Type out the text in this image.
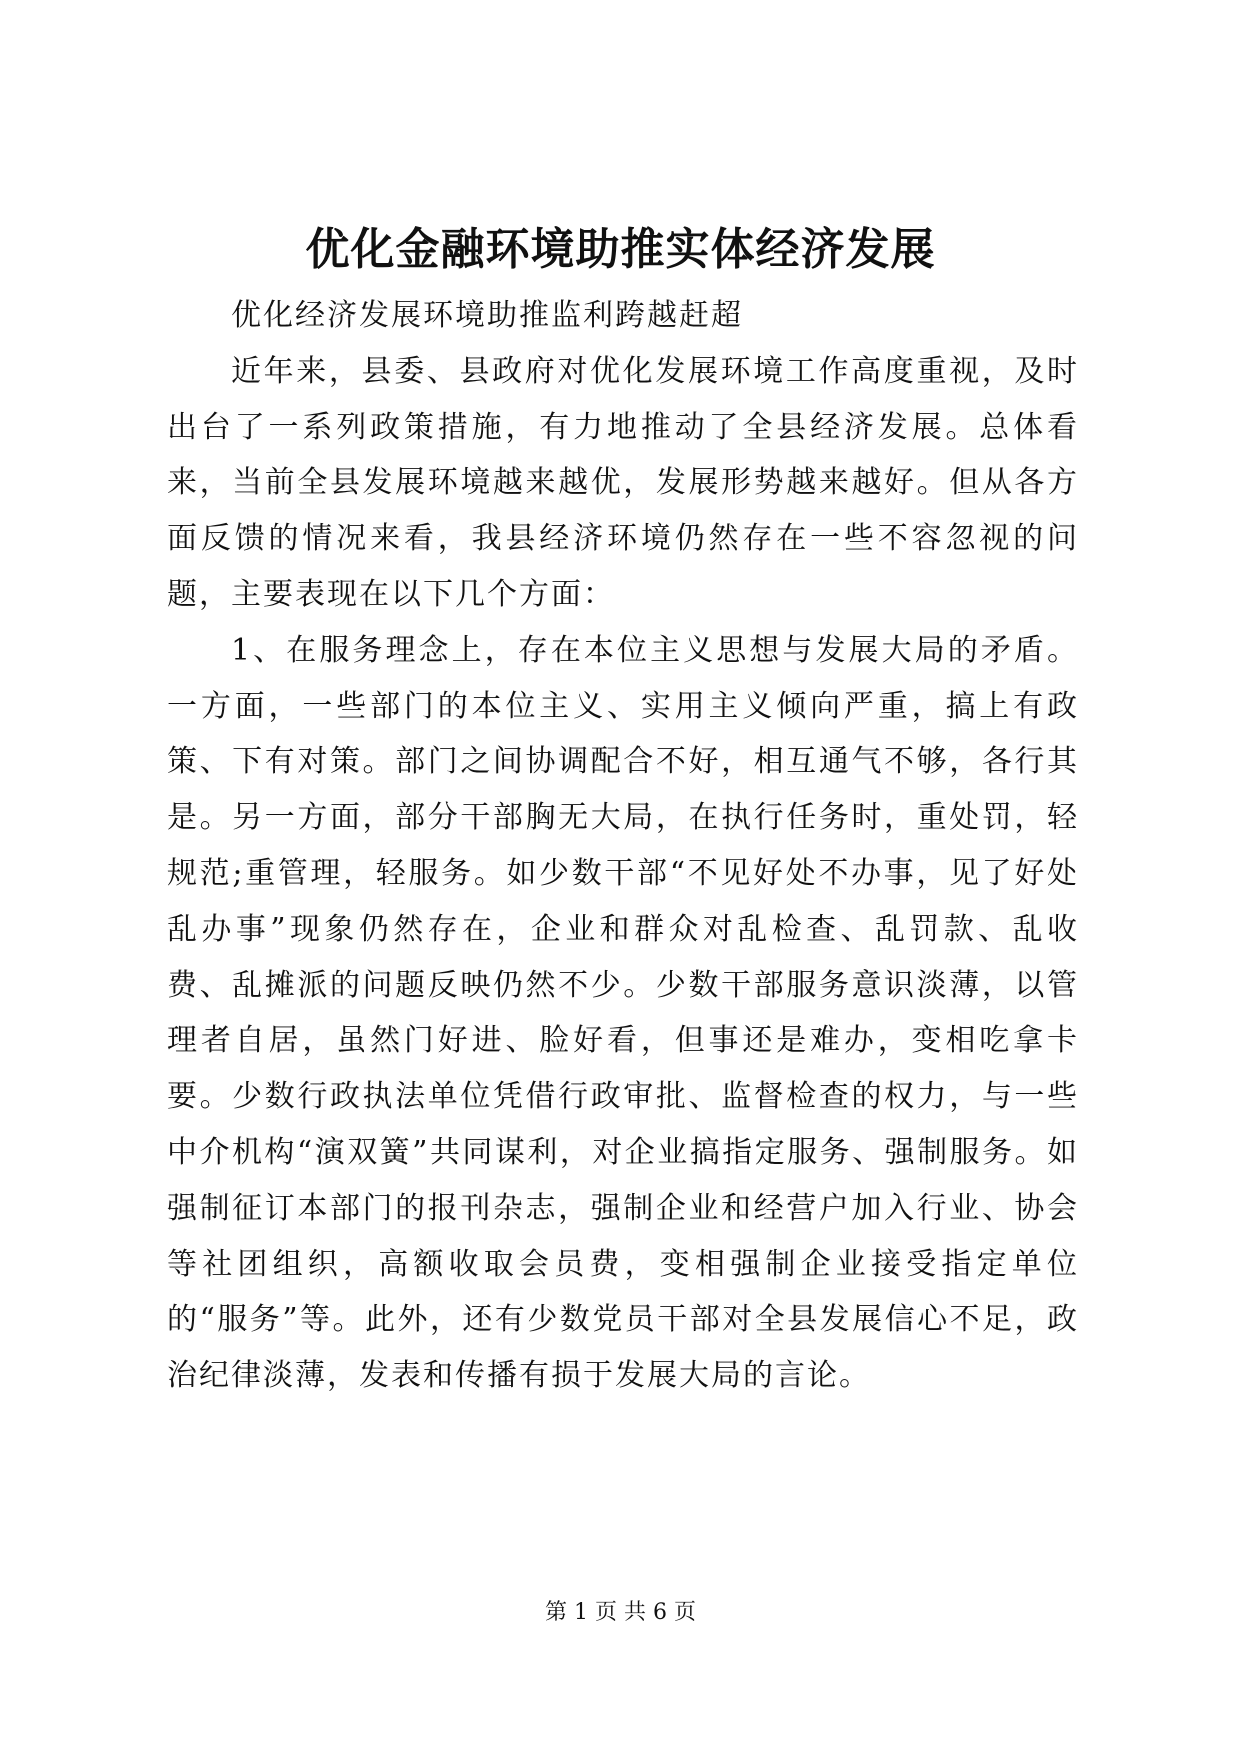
优化金融环境助推实体经济发展

优化经济发展环境助推监利跨越赶超

近年来，县委、县政府对优化发展环境工作高度重视，及时出台了一系列政策措施，有力地推动了全县经济发展。总体看来，当前全县发展环境越来越优，发展形势越来越好。但从各方面反馈的情况来看，我县经济环境仍然存在一些不容忽视的问题，主要表现在以下几个方面：

1、在服务理念上，存在本位主义思想与发展大局的矛盾。一方面，一些部门的本位主义、实用主义倾向严重，搞上有政策、下有对策。部门之间协调配合不好，相互通气不够，各行其是。另一方面，部分干部胸无大局，在执行任务时，重处罚，轻规范;重管理，轻服务。如少数干部“不见好处不办事，见了好处乱办事”现象仍然存在，企业和群众对乱检查、乱罚款、乱收费、乱摊派的问题反映仍然不少。少数干部服务意识淡薄，以管理者自居，虽然门好进、脸好看，但事还是难办，变相吃拿卡要。少数行政执法单位凭借行政审批、监督检查的权力，与一些中介机构“演双簧”共同谋利，对企业搞指定服务、强制服务。如强制征订本部门的报刊杂志，强制企业和经营户加入行业、协会等社团组织，高额收取会员费，变相强制企业接受指定单位的“服务”等。此外，还有少数党员干部对全县发展信心不足，政治纪律淡薄，发表和传播有损于发展大局的言论。

第 1 页 共 6 页
